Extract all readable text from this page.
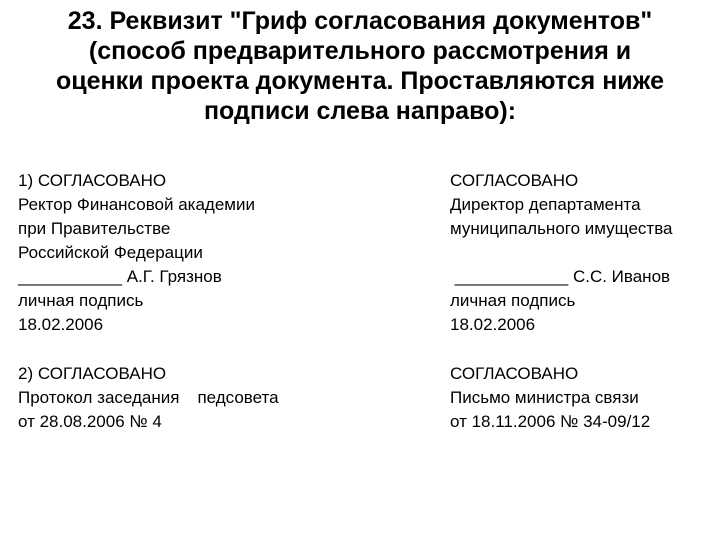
23. Реквизит "Гриф согласования документов"
(способ предварительного рассмотрения и
оценки проекта документа. Проставляются ниже
подписи слева направо):
1) СОГЛАСОВАНО
Ректор Финансовой академии
при Правительстве
Российской Федерации
___________ А.Г. Грязнов
личная подпись
18.02.2006
СОГЛАСОВАНО
Директор департамента
муниципального имущества
____________ С.С. Иванов
личная подпись
18.02.2006
2) СОГЛАСОВАНО
Протокол заседания педсовета
от 28.08.2006 № 4
СОГЛАСОВАНО
Письмо министра связи
от 18.11.2006 № 34-09/12
